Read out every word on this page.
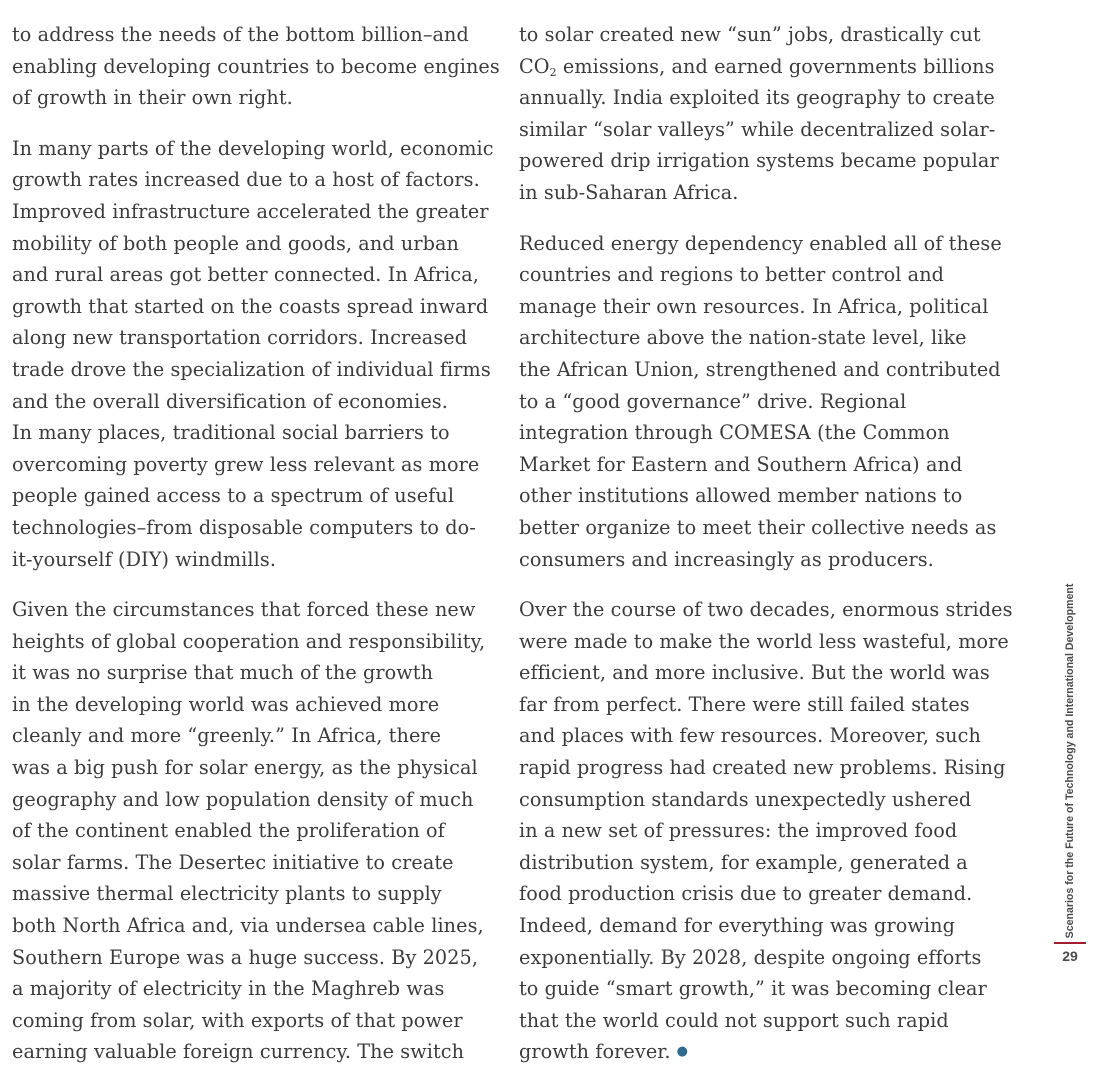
to address the needs of the bottom billion–and
enabling developing countries to become engines
of growth in their own right.

In many parts of the developing world, economic
growth rates increased due to a host of factors.
Improved infrastructure accelerated the greater
mobility of both people and goods, and urban
and rural areas got better connected. In Africa,
growth that started on the coasts spread inward
along new transportation corridors. Increased
trade drove the specialization of individual firms
and the overall diversification of economies.
In many places, traditional social barriers to
overcoming poverty grew less relevant as more
people gained access to a spectrum of useful
technologies–from disposable computers to do-
it-yourself (DIY) windmills.

Given the circumstances that forced these new
heights of global cooperation and responsibility,
it was no surprise that much of the growth
in the developing world was achieved more
cleanly and more “greenly.” In Africa, there
was a big push for solar energy, as the physical
geography and low population density of much
of the continent enabled the proliferation of
solar farms. The Desertec initiative to create
massive thermal electricity plants to supply
both North Africa and, via undersea cable lines,
Southern Europe was a huge success. By 2025,
a majority of electricity in the Maghreb was
coming from solar, with exports of that power
earning valuable foreign currency. The switch

to solar created new “sun” jobs, drastically cut
$CO_2$ emissions, and earned governments billions
annually. India exploited its geography to create
similar “solar valleys” while decentralized solar-
powered drip irrigation systems became popular
in sub-Saharan Africa.

Reduced energy dependency enabled all of these
countries and regions to better control and
manage their own resources. In Africa, political
architecture above the nation-state level, like
the African Union, strengthened and contributed
to a “good governance” drive. Regional
integration through COMESA (the Common
Market for Eastern and Southern Africa) and
other institutions allowed member nations to
better organize to meet their collective needs as
consumers and increasingly as producers.

Over the course of two decades, enormous strides
were made to make the world less wasteful, more
efficient, and more inclusive. But the world was
far from perfect. There were still failed states
and places with few resources. Moreover, such
rapid progress had created new problems. Rising
consumption standards unexpectedly ushered
in a new set of pressures: the improved food
distribution system, for example, generated a
food production crisis due to greater demand.
Indeed, demand for everything was growing
exponentially. By 2028, despite ongoing efforts
to guide “smart growth,” it was becoming clear
that the world could not support such rapid
growth forever. ●

Scenarios for the Future of Technology and International Development
29
